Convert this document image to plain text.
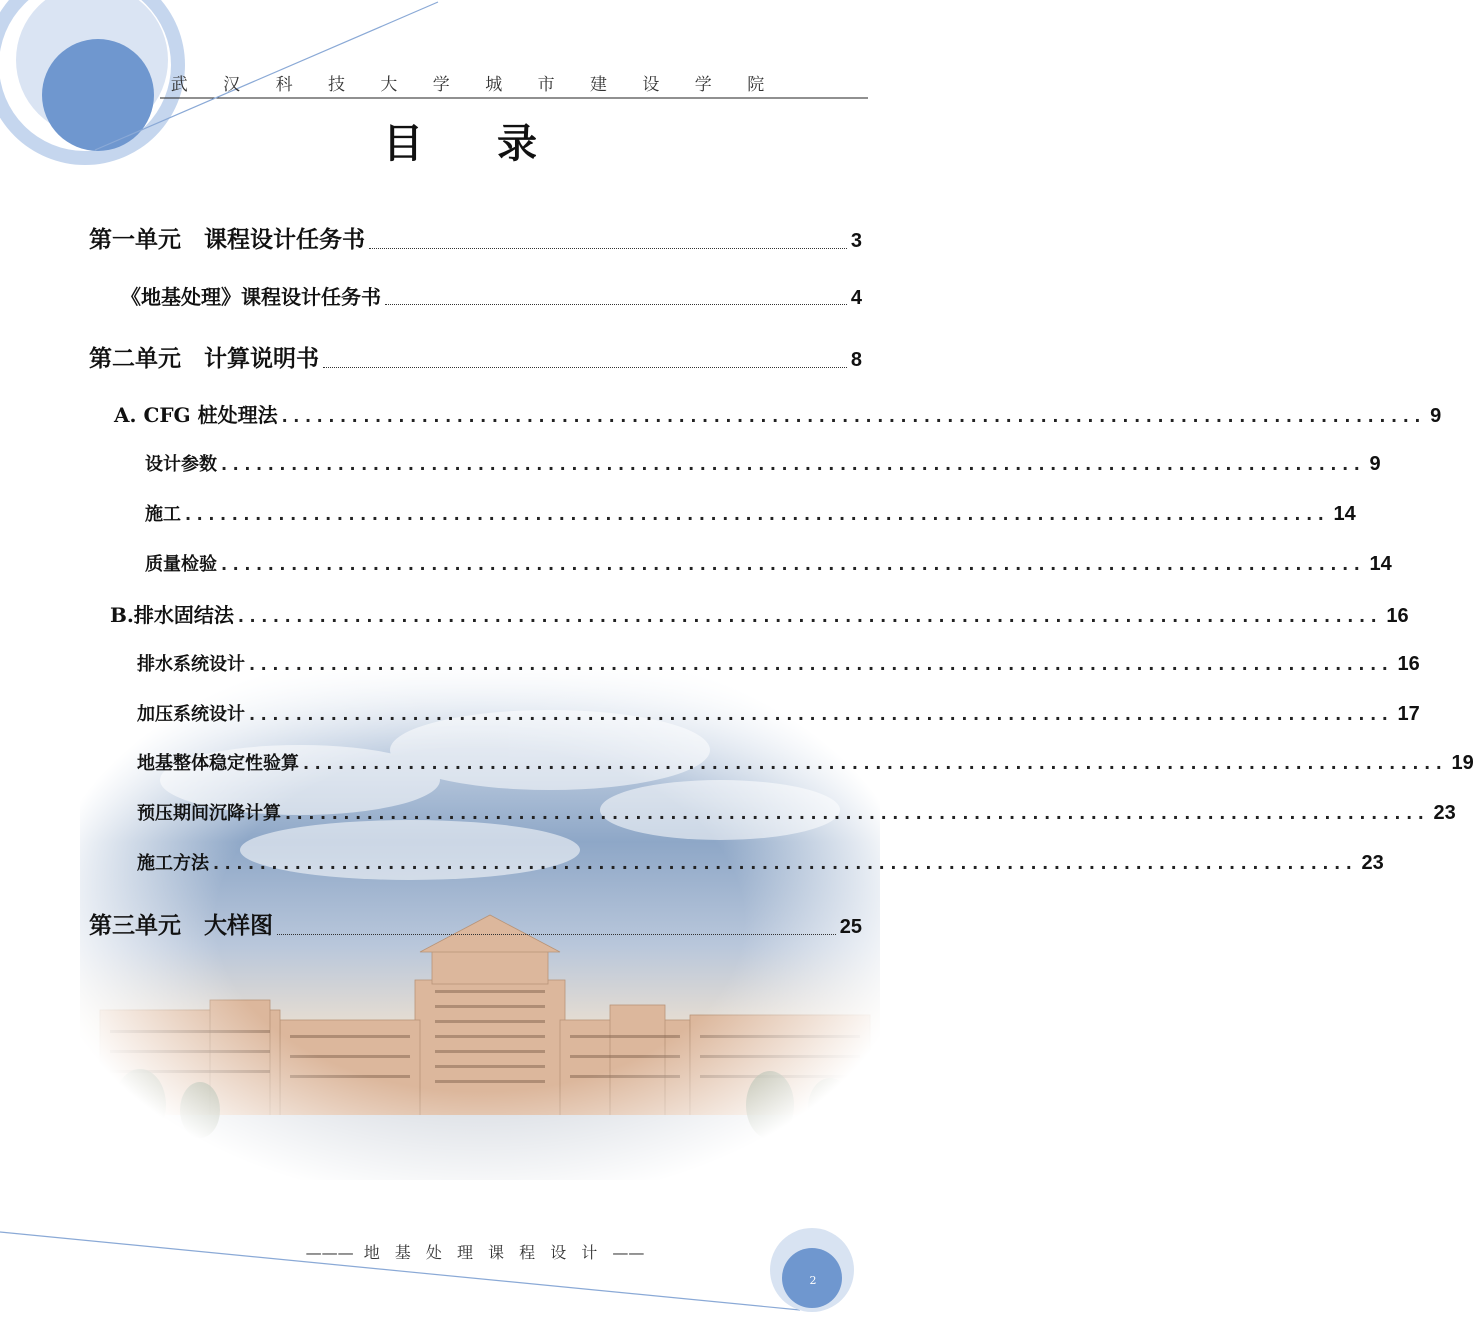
武 汉 科 技 大 学 城 市 建 设 学 院
目 录
第一单元　课程设计任务书	3
《地基处理》课程设计任务书	4
第二单元　计算说明书	8
A. CFG 桩处理法 .................................................................................................. 9
设计参数 .................................................................................................. 9
施工 .................................................................................................. 14
质量检验 .................................................................................................. 14
B.排水固结法 .................................................................................................. 16
排水系统设计 .................................................................................................. 16
加压系统设计 .................................................................................................. 17
地基整体稳定性验算 .................................................................................................. 19
预压期间沉降计算 .................................................................................................. 23
施工方法 .................................................................................................. 23
第三单元　大样图	25
——— 地 基 处 理 课 程 设 计 ——
2
